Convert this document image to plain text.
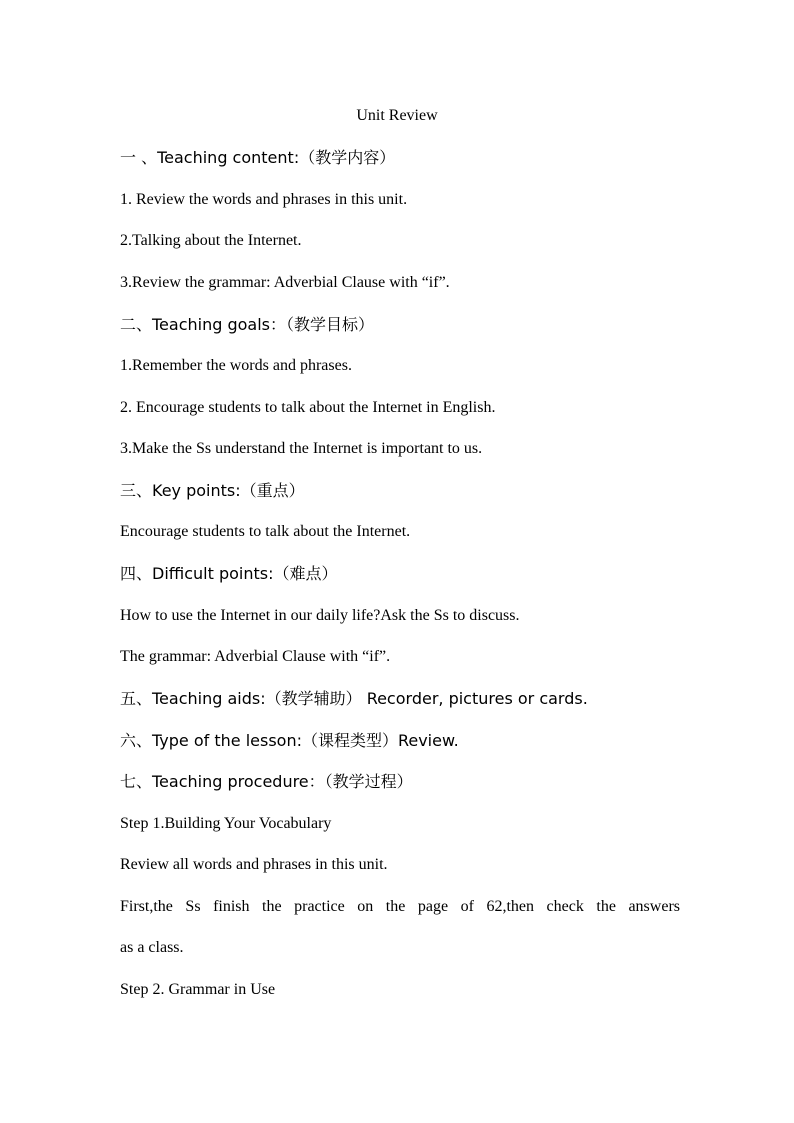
Unit Review
一 、Teaching content:（教学内容）
1. Review the words and phrases in this unit.
2.Talking about the Internet.
3.Review the grammar: Adverbial Clause with “if”.
二、Teaching goals：（教学目标）
1.Remember the words and phrases.
2. Encourage students to talk about the Internet in English.
3.Make the Ss understand the Internet is important to us.
三、Key points:（重点）
Encourage students to talk about the Internet.
四、Difficult points:（难点）
How to use the Internet in our daily life?Ask the Ss to discuss.
The grammar: Adverbial Clause with “if”.
五、Teaching aids:（教学辅助） Recorder, pictures or cards.
六、Type of the lesson:（课程类型）Review.
七、Teaching procedure：（教学过程）
Step 1.Building Your Vocabulary
Review all words and phrases in this unit.
First,the Ss finish the practice on the page of 62,then check the answers
as a class.
Step 2. Grammar in Use
